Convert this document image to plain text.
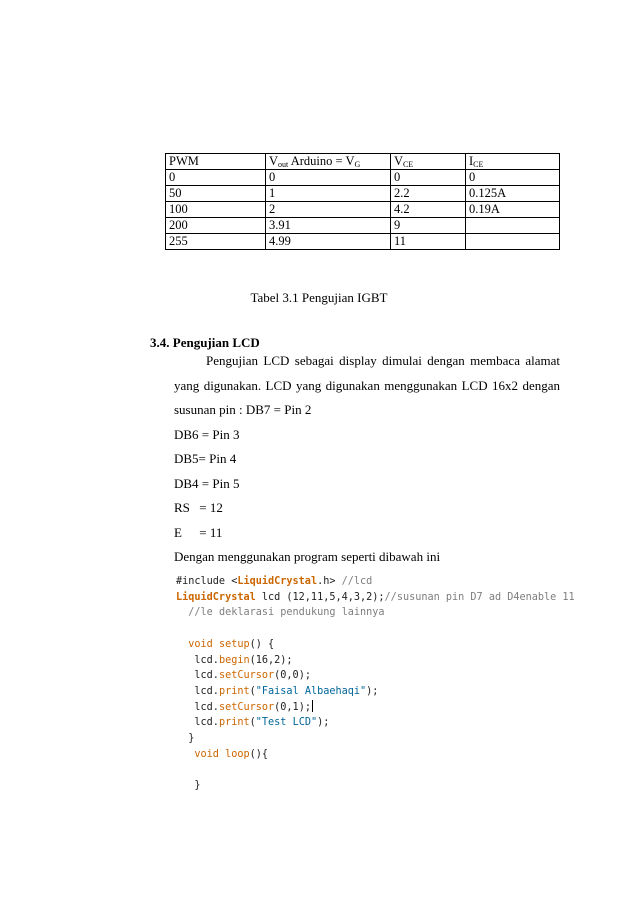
PWM	$V_{out}$ Arduino = $V_G$	$V_{CE}$	$I_{CE}$
0	0	0	0
50	1	2.2	0.125A
100	2	4.2	0.19A
200	3.91	9	
255	4.99	11	
Tabel 3.1 Pengujian IGBT
3.4. Pengujian LCD
Pengujian LCD sebagai display dimulai dengan membaca alamat yang digunakan. LCD yang digunakan menggunakan LCD 16x2 dengan susunan pin : DB7 = Pin 2
DB6 = Pin 3
DB5= Pin 4
DB4 = Pin 5
RS = 12
E = 11
Dengan menggunakan program seperti dibawah ini
#include <LiquidCrystal.h> //lcd
LiquidCrystal lcd (12,11,5,4,3,2);//susunan pin D7 ad D4enable 11
//le deklarasi pendukung lainnya

void setup() {
lcd.begin(16,2);
lcd.setCursor(0,0);
lcd.print("Faisal Albaehaqi");
lcd.setCursor(0,1);
lcd.print("Test LCD");
}
void loop(){

}
